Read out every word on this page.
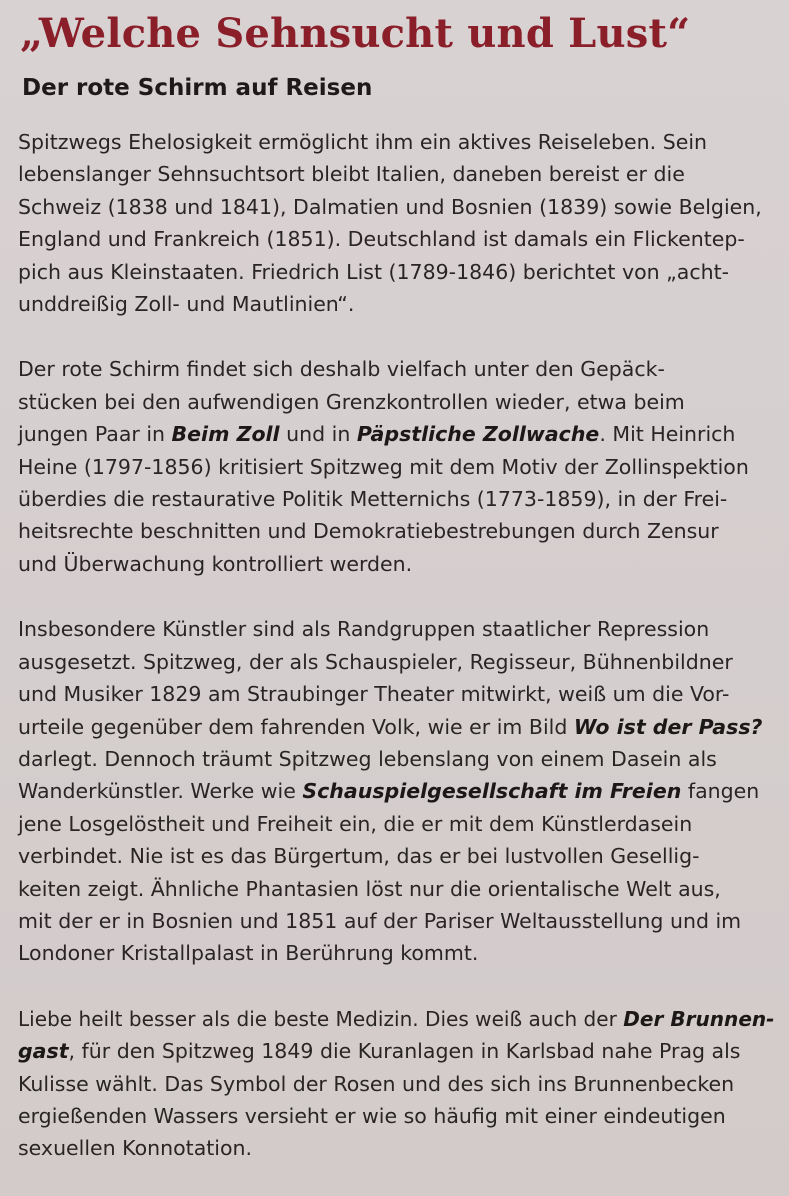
„Welche Sehnsucht und Lust“
Der rote Schirm auf Reisen

Spitzwegs Ehelosigkeit ermöglicht ihm ein aktives Reiseleben. Sein
lebenslanger Sehnsuchtsort bleibt Italien, daneben bereist er die
Schweiz (1838 und 1841), Dalmatien und Bosnien (1839) sowie Belgien,
England und Frankreich (1851). Deutschland ist damals ein Flickentep-
pich aus Kleinstaaten. Friedrich List (1789-1846) berichtet von „acht-
unddreißig Zoll- und Mautlinien“.

Der rote Schirm findet sich deshalb vielfach unter den Gepäck-
stücken bei den aufwendigen Grenzkontrollen wieder, etwa beim
jungen Paar in Beim Zoll und in Päpstliche Zollwache. Mit Heinrich
Heine (1797-1856) kritisiert Spitzweg mit dem Motiv der Zollinspektion
überdies die restaurative Politik Metternichs (1773-1859), in der Frei-
heitsrechte beschnitten und Demokratiebestrebungen durch Zensur
und Überwachung kontrolliert werden.

Insbesondere Künstler sind als Randgruppen staatlicher Repression
ausgesetzt. Spitzweg, der als Schauspieler, Regisseur, Bühnenbildner
und Musiker 1829 am Straubinger Theater mitwirkt, weiß um die Vor-
urteile gegenüber dem fahrenden Volk, wie er im Bild Wo ist der Pass?
darlegt. Dennoch träumt Spitzweg lebenslang von einem Dasein als
Wanderkünstler. Werke wie Schauspielgesellschaft im Freien fangen
jene Losgelöstheit und Freiheit ein, die er mit dem Künstlerdasein
verbindet. Nie ist es das Bürgertum, das er bei lustvollen Gesellig-
keiten zeigt. Ähnliche Phantasien löst nur die orientalische Welt aus,
mit der er in Bosnien und 1851 auf der Pariser Weltausstellung und im
Londoner Kristallpalast in Berührung kommt.

Liebe heilt besser als die beste Medizin. Dies weiß auch der Der Brunnen-
gast, für den Spitzweg 1849 die Kuranlagen in Karlsbad nahe Prag als
Kulisse wählt. Das Symbol der Rosen und des sich ins Brunnenbecken
ergießenden Wassers versieht er wie so häufig mit einer eindeutigen
sexuellen Konnotation.
